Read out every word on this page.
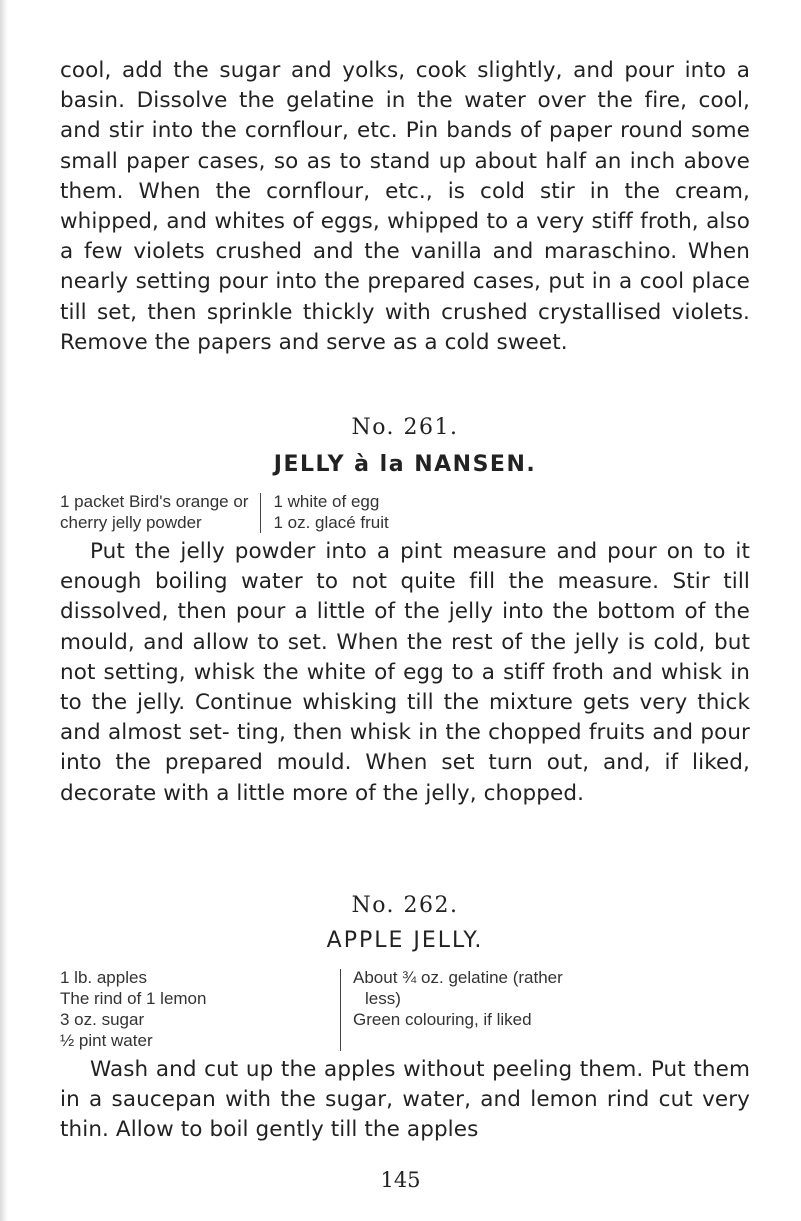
cool, add the sugar and yolks, cook slightly, and pour into a basin. Dissolve the gelatine in the water over the fire, cool, and stir into the cornflour, etc. Pin bands of paper round some small paper cases, so as to stand up about half an inch above them. When the cornflour, etc., is cold stir in the cream, whipped, and whites of eggs, whipped to a very stiff froth, also a few violets crushed and the vanilla and maraschino. When nearly setting pour into the prepared cases, put in a cool place till set, then sprinkle thickly with crushed crystallised violets. Remove the papers and serve as a cold sweet.

No. 261.

JELLY à la NANSEN.

1 packet Bird's orange or
cherry jelly powder
1 white of egg
1 oz. glacé fruit

Put the jelly powder into a pint measure and pour on to it enough boiling water to not quite fill the measure. Stir till dissolved, then pour a little of the jelly into the bottom of the mould, and allow to set. When the rest of the jelly is cold, but not setting, whisk the white of egg to a stiff froth and whisk in to the jelly. Continue whisking till the mixture gets very thick and almost set- ting, then whisk in the chopped fruits and pour into the prepared mould. When set turn out, and, if liked, decorate with a little more of the jelly, chopped.

No. 262.

APPLE JELLY.

1 lb. apples
The rind of 1 lemon
3 oz. sugar
½ pint water
About ¾ oz. gelatine (rather
less)
Green colouring, if liked

Wash and cut up the apples without peeling them. Put them in a saucepan with the sugar, water, and lemon rind cut very thin. Allow to boil gently till the apples

145
